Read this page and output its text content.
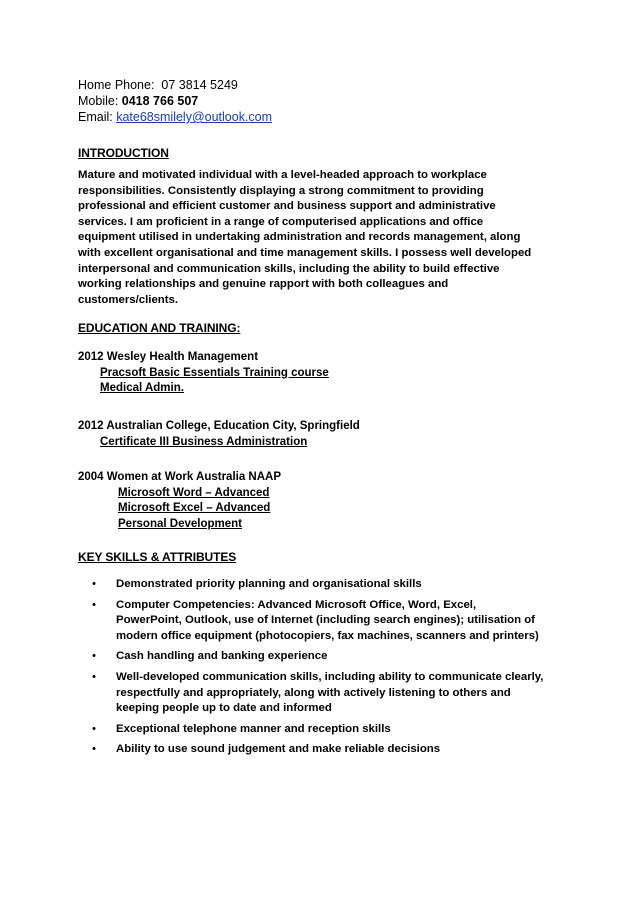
Home Phone: 07 3814 5249
Mobile: 0418 766 507
Email: kate68smilely@outlook.com
INTRODUCTION

Mature and motivated individual with a level-headed approach to workplace

responsibilities. Consistently displaying a strong commitment to providing

professional and efficient customer and business support and administrative

services. I am proficient in a range of computerised applications and office

equipment utilised in undertaking administration and records management, along

with excellent organisational and time management skills. I possess well developed

interpersonal and communication skills, including the ability to build effective

working relationships and genuine rapport with both colleagues and

customers/clients.

EDUCATION AND TRAINING:
2012 Wesley Health Management
Pracsoft Basic Essentials Training course
Medical Admin.
2012 Australian College, Education City, Springfield
Certificate III Business Administration
2004 Women at Work Australia NAAP
Microsoft Word – Advanced
Microsoft Excel – Advanced
Personal Development
KEY SKILLS & ATTRIBUTES
• Demonstrated priority planning and organisational skills
• Computer Competencies: Advanced Microsoft Office, Word, Excel,
PowerPoint, Outlook, use of Internet (including search engines); utilisation of
modern office equipment (photocopiers, fax machines, scanners and printers)
• Cash handling and banking experience
• Well-developed communication skills, including ability to communicate clearly,
respectfully and appropriately, along with actively listening to others and
keeping people up to date and informed
• Exceptional telephone manner and reception skills
• Ability to use sound judgement and make reliable decisions
